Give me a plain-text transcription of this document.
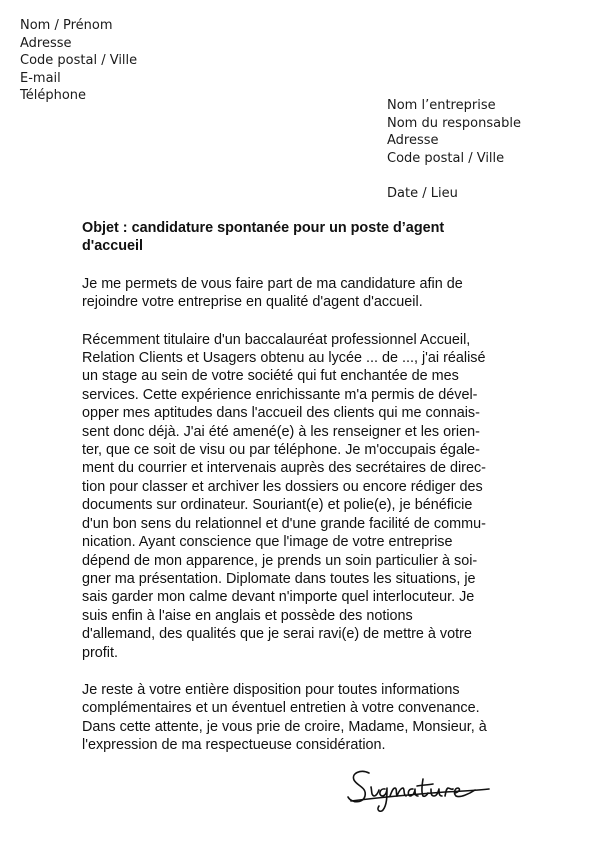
Nom / Prénom
Adresse
Code postal / Ville
E-mail
Téléphone
Nom l’entreprise
Nom du responsable
Adresse
Code postal / Ville
Date / Lieu
Objet : candidature spontanée pour un poste d’agent
d'accueil
Je me permets de vous faire part de ma candidature afin de
rejoindre votre entreprise en qualité d'agent d'accueil.
Récemment titulaire d'un baccalauréat professionnel Accueil,
Relation Clients et Usagers obtenu au lycée ... de ..., j'ai réalisé
un stage au sein de votre société qui fut enchantée de mes
services. Cette expérience enrichissante m'a permis de dével-
opper mes aptitudes dans l'accueil des clients qui me connais-
sent donc déjà. J'ai été amené(e) à les renseigner et les orien-
ter, que ce soit de visu ou par téléphone. Je m'occupais égale-
ment du courrier et intervenais auprès des secrétaires de direc-
tion pour classer et archiver les dossiers ou encore rédiger des
documents sur ordinateur. Souriant(e) et polie(e), je bénéficie
d'un bon sens du relationnel et d'une grande facilité de commu-
nication. Ayant conscience que l'image de votre entreprise
dépend de mon apparence, je prends un soin particulier à soi-
gner ma présentation. Diplomate dans toutes les situations, je
sais garder mon calme devant n'importe quel interlocuteur. Je
suis enfin à l'aise en anglais et possède des notions
d'allemand, des qualités que je serai ravi(e) de mettre à votre
profit.
Je reste à votre entière disposition pour toutes informations
complémentaires et un éventuel entretien à votre convenance.
Dans cette attente, je vous prie de croire, Madame, Monsieur, à
l'expression de ma respectueuse considération.
